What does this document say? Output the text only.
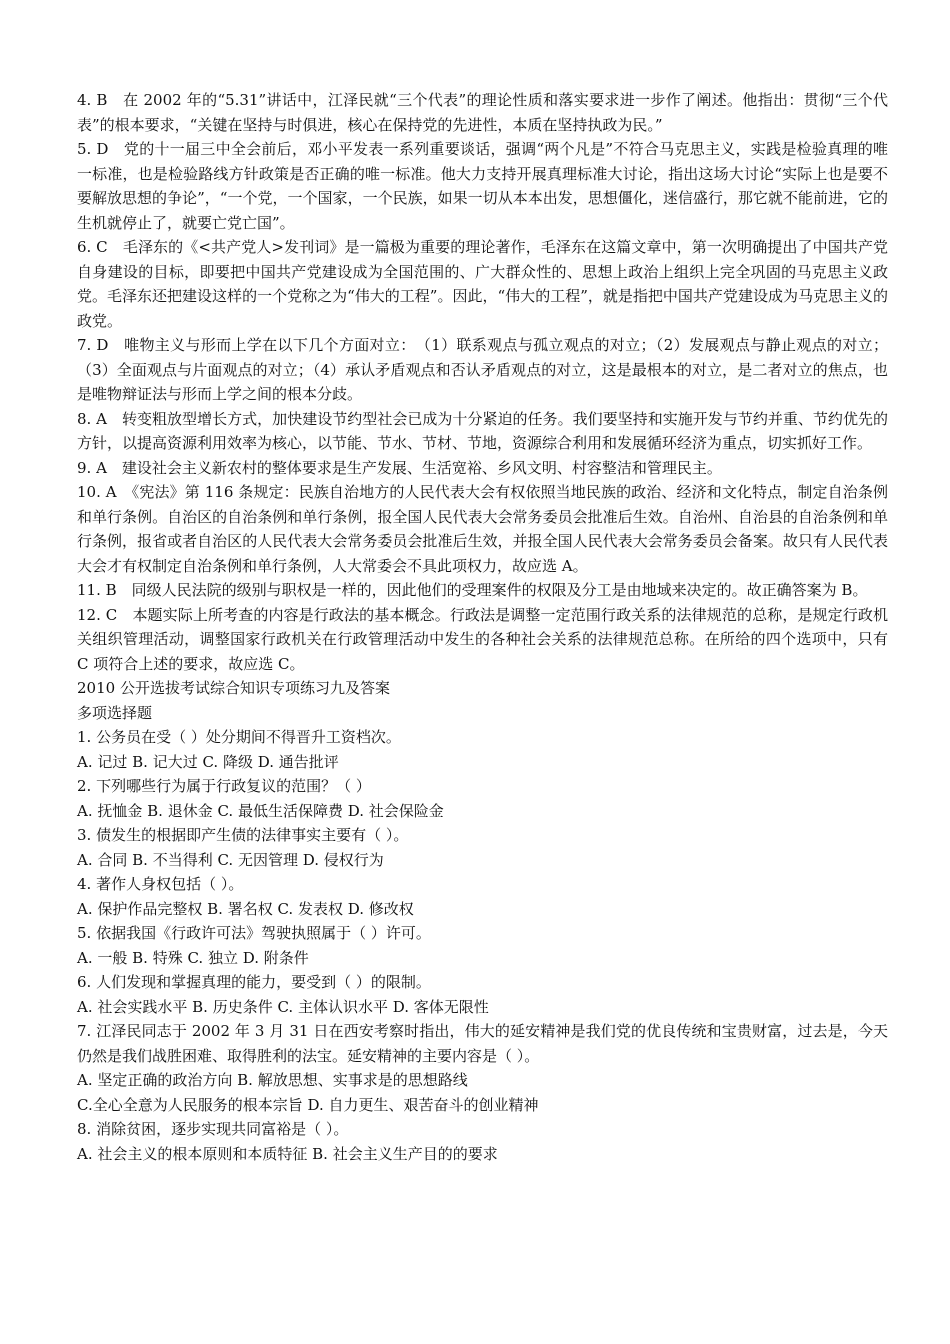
4. B　在 2002 年的“5.31”讲话中，江泽民就“三个代表”的理论性质和落实要求进一步作了阐述。他指出：贯彻“三个代表”的根本要求，“关键在坚持与时俱进，核心在保持党的先进性，本质在坚持执政为民。”

5. D　党的十一届三中全会前后，邓小平发表一系列重要谈话，强调“两个凡是”不符合马克思主义，实践是检验真理的唯一标准，也是检验路线方针政策是否正确的唯一标准。他大力支持开展真理标准大讨论，指出这场大讨论“实际上也是要不要解放思想的争论”，“一个党，一个国家，一个民族，如果一切从本本出发，思想僵化，迷信盛行，那它就不能前进，它的生机就停止了，就要亡党亡国”。

6. C　毛泽东的《<共产党人>发刊词》是一篇极为重要的理论著作，毛泽东在这篇文章中，第一次明确提出了中国共产党自身建设的目标，即要把中国共产党建设成为全国范围的、广大群众性的、思想上政治上组织上完全巩固的马克思主义政党。毛泽东还把建设这样的一个党称之为“伟大的工程”。因此，“伟大的工程”，就是指把中国共产党建设成为马克思主义的政党。

7. D　唯物主义与形而上学在以下几个方面对立：　（1）联系观点与孤立观点的对立；（2）发展观点与静止观点的对立；（3）全面观点与片面观点的对立；（4）承认矛盾观点和否认矛盾观点的对立，这是最根本的对立，是二者对立的焦点，也是唯物辩证法与形而上学之间的根本分歧。

8. A　转变粗放型增长方式，加快建设节约型社会已成为十分紧迫的任务。我们要坚持和实施开发与节约并重、节约优先的方针，以提高资源利用效率为核心，以节能、节水、节材、节地，资源综合利用和发展循环经济为重点，切实抓好工作。

9. A　建设社会主义新农村的整体要求是生产发展、生活宽裕、乡风文明、村容整洁和管理民主。

10. A　《宪法》第 116 条规定：民族自治地方的人民代表大会有权依照当地民族的政治、经济和文化特点，制定自治条例和单行条例。自治区的自治条例和单行条例，报全国人民代表大会常务委员会批准后生效。自治州、自治县的自治条例和单行条例，报省或者自治区的人民代表大会常务委员会批准后生效，并报全国人民代表大会常务委员会备案。故只有人民代表大会才有权制定自治条例和单行条例，人大常委会不具此项权力，故应选 A。

11. B　同级人民法院的级别与职权是一样的，因此他们的受理案件的权限及分工是由地域来决定的。故正确答案为 B。

12. C　本题实际上所考查的内容是行政法的基本概念。行政法是调整一定范围行政关系的法律规范的总称，是规定行政机关组织管理活动，调整国家行政机关在行政管理活动中发生的各种社会关系的法律规范总称。在所给的四个选项中，只有 C 项符合上述的要求，故应选 C。

2010 公开选拔考试综合知识专项练习九及答案

多项选择题

1. 公务员在受（ ）处分期间不得晋升工资档次。

A. 记过 B. 记大过 C. 降级 D. 通告批评

2. 下列哪些行为属于行政复议的范围？（ ）

A. 抚恤金 B. 退休金 C. 最低生活保障费 D. 社会保险金

3. 债发生的根据即产生债的法律事实主要有（ ）。

A. 合同 B. 不当得利 C. 无因管理 D. 侵权行为

4. 著作人身权包括（ ）。

A. 保护作品完整权 B. 署名权 C. 发表权 D. 修改权

5. 依据我国《行政许可法》驾驶执照属于（ ）许可。

A. 一般 B. 特殊 C. 独立 D. 附条件

6. 人们发现和掌握真理的能力，要受到（ ）的限制。

A. 社会实践水平 B. 历史条件 C. 主体认识水平 D. 客体无限性

7. 江泽民同志于 2002 年 3 月 31 日在西安考察时指出，伟大的延安精神是我们党的优良传统和宝贵财富，过去是，今天仍然是我们战胜困难、取得胜利的法宝。延安精神的主要内容是（ ）。

A. 坚定正确的政治方向 B. 解放思想、实事求是的思想路线

C.全心全意为人民服务的根本宗旨 D. 自力更生、艰苦奋斗的创业精神

8. 消除贫困，逐步实现共同富裕是（ ）。

A. 社会主义的根本原则和本质特征 B. 社会主义生产目的的要求
